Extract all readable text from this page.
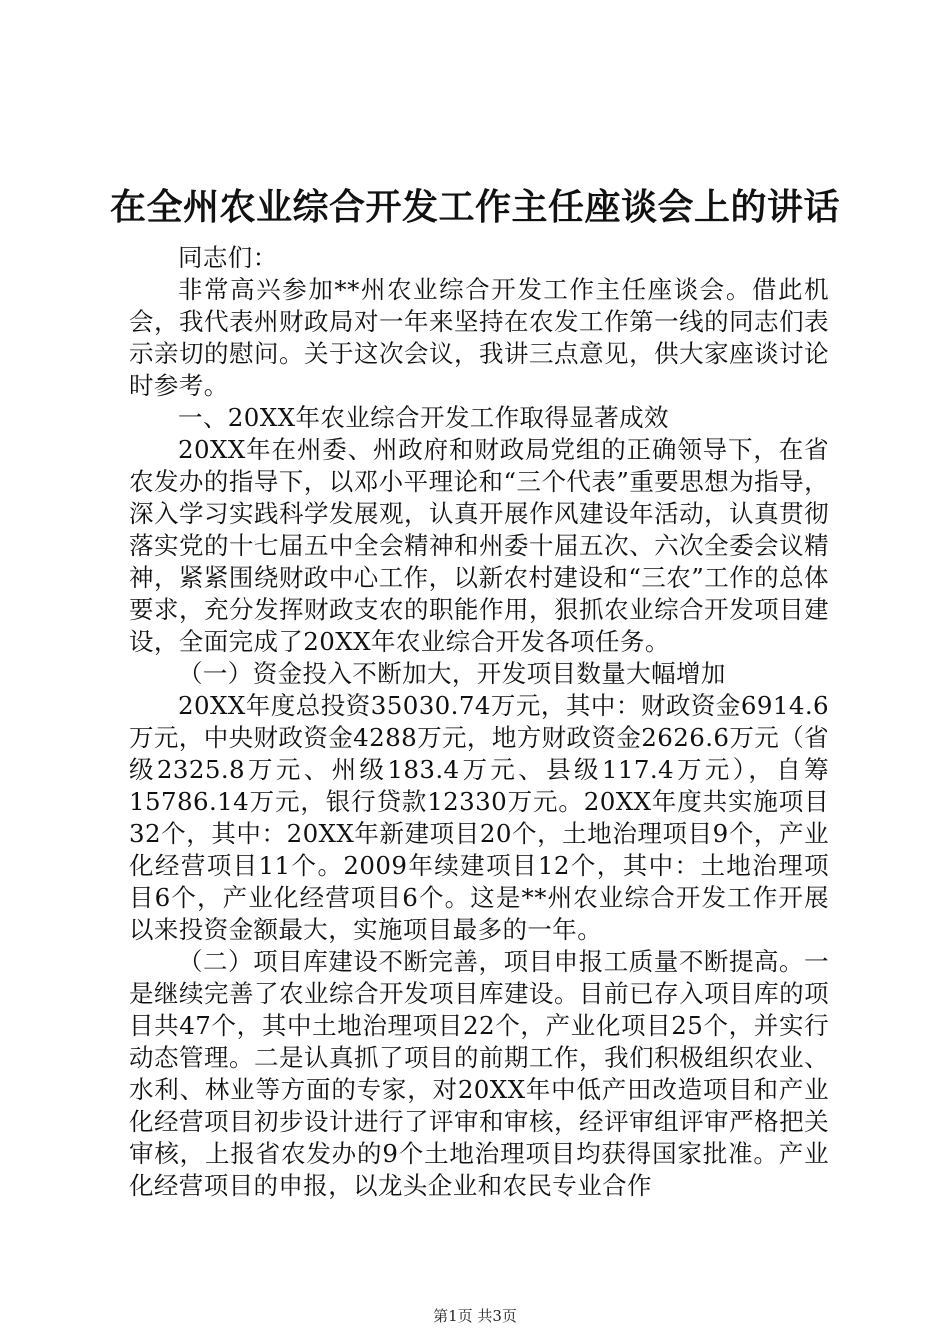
在全州农业综合开发工作主任座谈会上的讲话

同志们：

非常高兴参加**州农业综合开发工作主任座谈会。借此机会，我代表州财政局对一年来坚持在农发工作第一线的同志们表示亲切的慰问。关于这次会议，我讲三点意见，供大家座谈讨论时参考。

一、20XX年农业综合开发工作取得显著成效

20XX年在州委、州政府和财政局党组的正确领导下，在省农发办的指导下，以邓小平理论和“三个代表”重要思想为指导，深入学习实践科学发展观，认真开展作风建设年活动，认真贯彻落实党的十七届五中全会精神和州委十届五次、六次全委会议精神，紧紧围绕财政中心工作，以新农村建设和“三农”工作的总体要求，充分发挥财政支农的职能作用，狠抓农业综合开发项目建设，全面完成了20XX年农业综合开发各项任务。

（一）资金投入不断加大，开发项目数量大幅增加

20XX年度总投资35030.74万元，其中：财政资金6914.6万元，中央财政资金4288万元，地方财政资金2626.6万元（省级2325.8万元、州级183.4万元、县级117.4万元），自筹15786.14万元，银行贷款12330万元。20XX年度共实施项目32个，其中：20XX年新建项目20个，土地治理项目9个，产业化经营项目11个。2009年续建项目12个，其中：土地治理项目6个，产业化经营项目6个。这是**州农业综合开发工作开展以来投资金额最大，实施项目最多的一年。

（二）项目库建设不断完善，项目申报工质量不断提高。一是继续完善了农业综合开发项目库建设。目前已存入项目库的项目共47个，其中土地治理项目22个，产业化项目25个，并实行动态管理。二是认真抓了项目的前期工作，我们积极组织农业、水利、林业等方面的专家，对20XX年中低产田改造项目和产业化经营项目初步设计进行了评审和审核，经评审组评审严格把关审核，上报省农发办的9个土地治理项目均获得国家批准。产业化经营项目的申报，以龙头企业和农民专业合作

第1页 共3页
